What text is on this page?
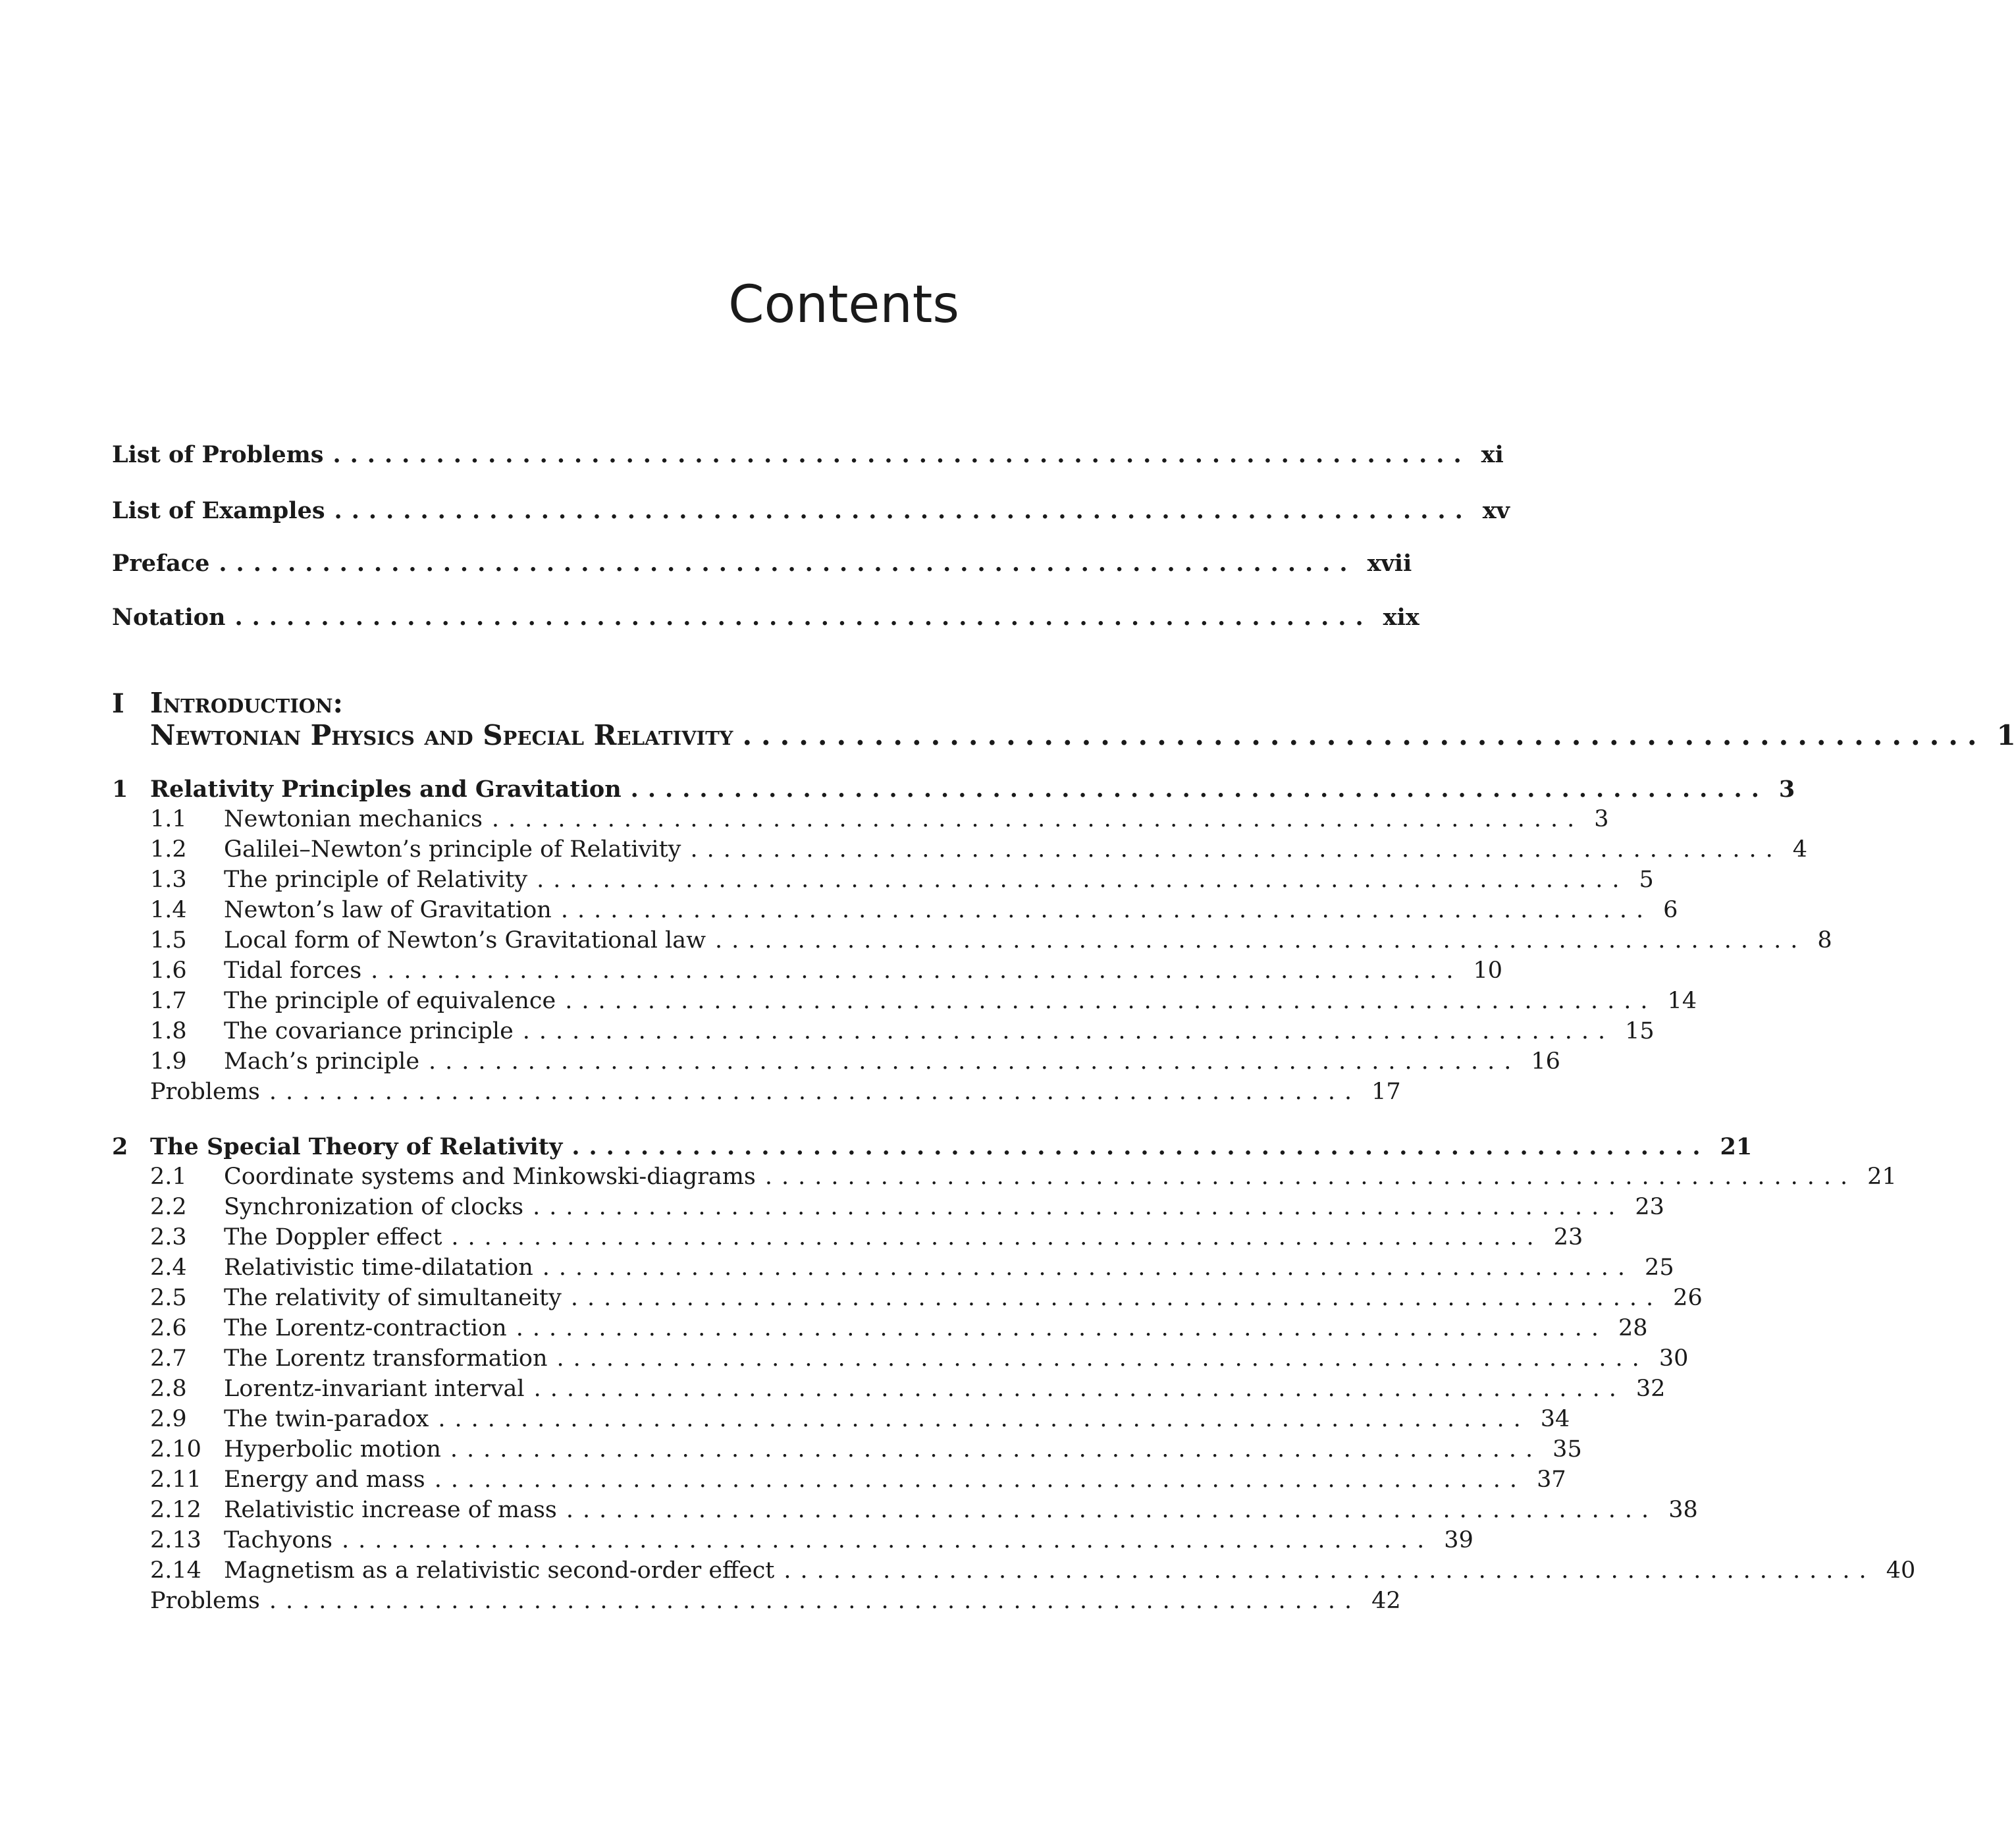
Contents
List of Problems .................................................................. xi
List of Examples .................................................................. xv
Preface .................................................................. xvii
Notation .................................................................. xix
I Introduction:
Newtonian Physics and Special Relativity .................................................................. 1
1 Relativity Principles and Gravitation .................................................................. 3
1.1 Newtonian mechanics .................................................................. 3
1.2 Galilei–Newton’s principle of Relativity .................................................................. 4
1.3 The principle of Relativity .................................................................. 5
1.4 Newton’s law of Gravitation .................................................................. 6
1.5 Local form of Newton’s Gravitational law .................................................................. 8
1.6 Tidal forces .................................................................. 10
1.7 The principle of equivalence .................................................................. 14
1.8 The covariance principle .................................................................. 15
1.9 Mach’s principle .................................................................. 16
Problems .................................................................. 17
2 The Special Theory of Relativity .................................................................. 21
2.1 Coordinate systems and Minkowski-diagrams .................................................................. 21
2.2 Synchronization of clocks .................................................................. 23
2.3 The Doppler effect .................................................................. 23
2.4 Relativistic time-dilatation .................................................................. 25
2.5 The relativity of simultaneity .................................................................. 26
2.6 The Lorentz-contraction .................................................................. 28
2.7 The Lorentz transformation .................................................................. 30
2.8 Lorentz-invariant interval .................................................................. 32
2.9 The twin-paradox .................................................................. 34
2.10 Hyperbolic motion .................................................................. 35
2.11 Energy and mass .................................................................. 37
2.12 Relativistic increase of mass .................................................................. 38
2.13 Tachyons .................................................................. 39
2.14 Magnetism as a relativistic second-order effect .................................................................. 40
Problems .................................................................. 42
